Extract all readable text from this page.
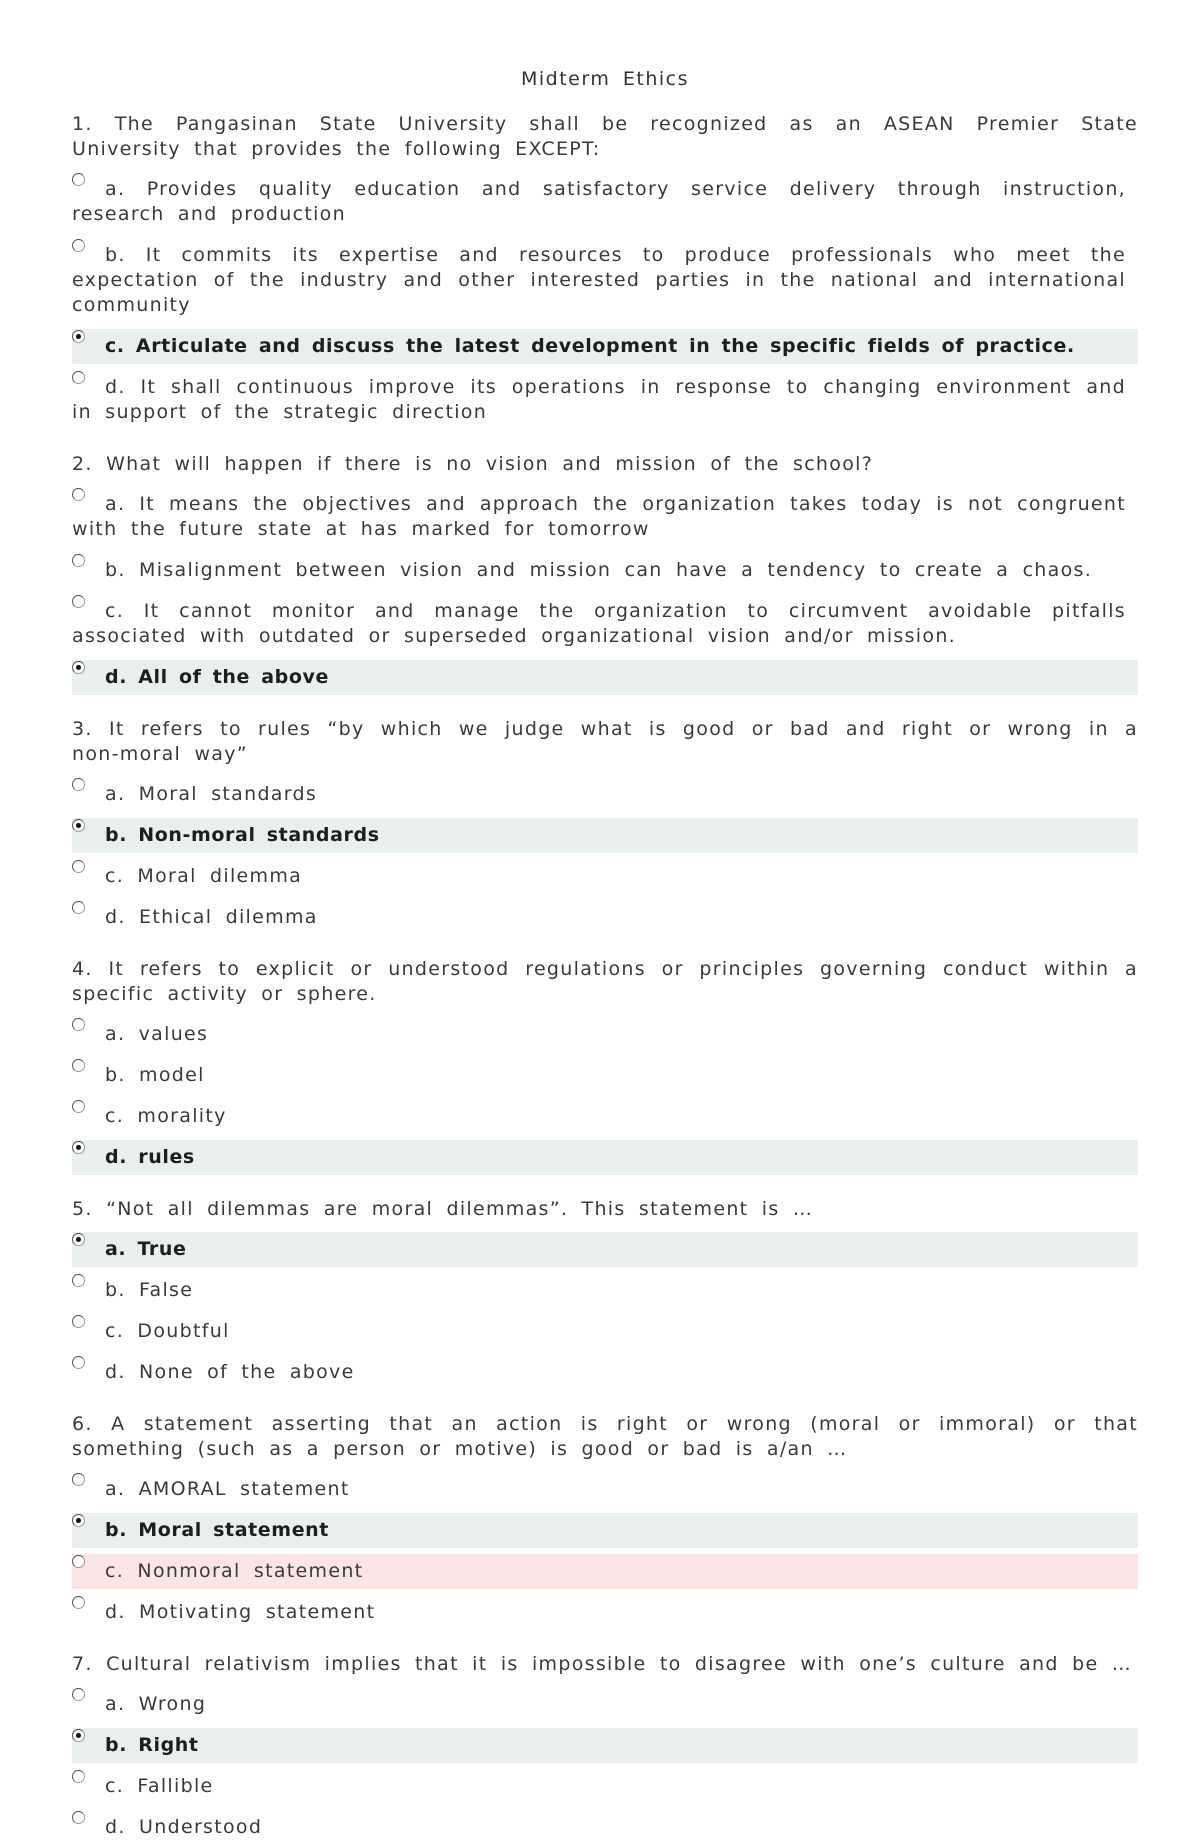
Midterm Ethics
1. The Pangasinan State University shall be recognized as an ASEAN Premier State University that provides the following EXCEPT:
a. Provides quality education and satisfactory service delivery through instruction, research and production
b. It commits its expertise and resources to produce professionals who meet the expectation of the industry and other interested parties in the national and international community
c. Articulate and discuss the latest development in the specific fields of practice.
d. It shall continuous improve its operations in response to changing environment and in support of the strategic direction
2. What will happen if there is no vision and mission of the school?
a. It means the objectives and approach the organization takes today is not congruent with the future state at has marked for tomorrow
b. Misalignment between vision and mission can have a tendency to create a chaos.
c. It cannot monitor and manage the organization to circumvent avoidable pitfalls associated with outdated or superseded organizational vision and/or mission.
d. All of the above
3. It refers to rules “by which we judge what is good or bad and right or wrong in a non-moral way”
a. Moral standards
b. Non-moral standards
c. Moral dilemma
d. Ethical dilemma
4. It refers to explicit or understood regulations or principles governing conduct within a specific activity or sphere.
a. values
b. model
c. morality
d. rules
5. “Not all dilemmas are moral dilemmas”. This statement is …
a. True
b. False
c. Doubtful
d. None of the above
6. A statement asserting that an action is right or wrong (moral or immoral) or that something (such as a person or motive) is good or bad is a/an …
a. AMORAL statement
b. Moral statement
c. Nonmoral statement
d. Motivating statement
7. Cultural relativism implies that it is impossible to disagree with one’s culture and be …
a. Wrong
b. Right
c. Fallible
d. Understood
